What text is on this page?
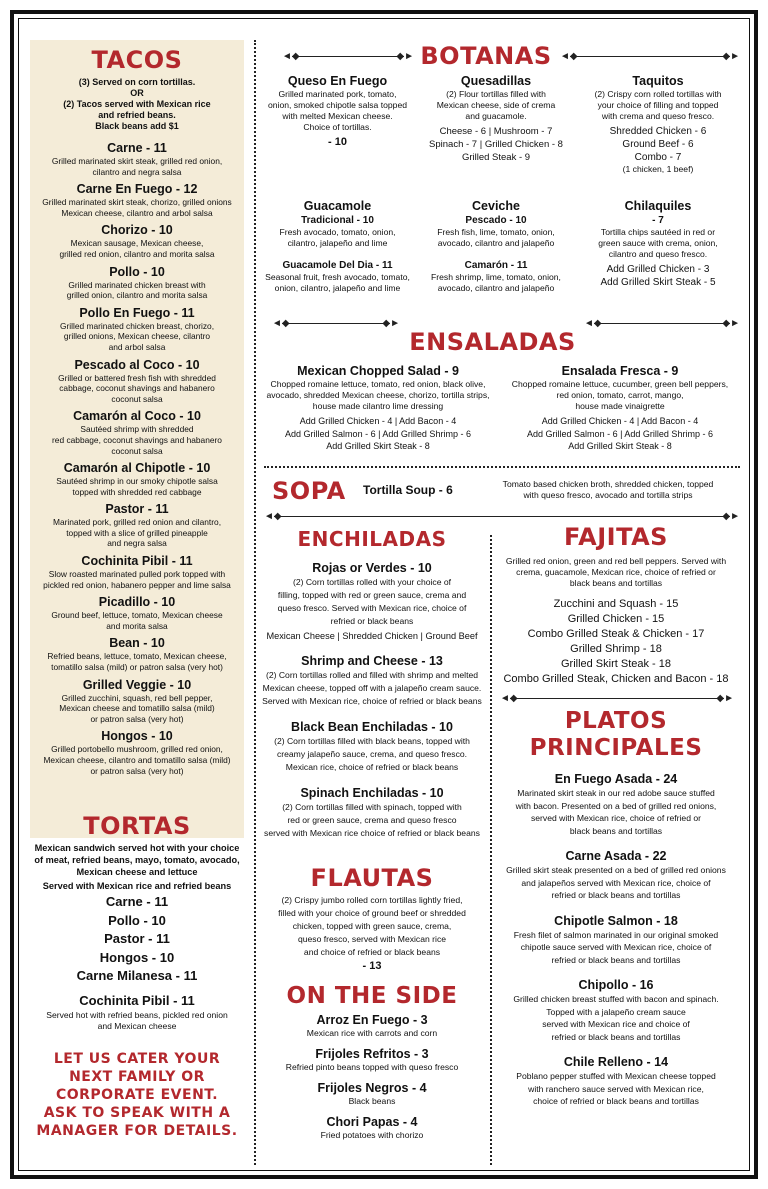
TACOS
(3) Served on corn tortillas.
OR
(2) Tacos served with Mexican rice
and refried beans.
Black beans add $1
Carne - 11
Grilled marinated skirt steak, grilled red onion,
cilantro and negra salsa
Carne En Fuego - 12
Grilled marinated skirt steak, chorizo, grilled onions
Mexican cheese, cilantro and arbol salsa
Chorizo - 10
Mexican sausage, Mexican cheese,
grilled red onion, cilantro and morita salsa
Pollo - 10
Grilled marinated chicken breast with
grilled onion, cilantro and morita salsa
Pollo En Fuego - 11
Grilled marinated chicken breast, chorizo,
grilled onions, Mexican cheese, cilantro
and arbol salsa
Pescado al Coco - 10
Grilled or battered fresh fish with shredded
cabbage, coconut shavings and habanero
coconut salsa
Camarón al Coco - 10
Sautéed shrimp with shredded
red cabbage, coconut shavings and habanero
coconut salsa
Camarón al Chipotle - 10
Sautéed shrimp in our smoky chipotle salsa
topped with shredded red cabbage
Pastor - 11
Marinated pork, grilled red onion and cilantro,
topped with a slice of grilled pineapple
and negra salsa
Cochinita Pibil - 11
Slow roasted marinated pulled pork topped with
pickled red onion, habanero pepper and lime salsa
Picadillo - 10
Ground beef, lettuce, tomato, Mexican cheese
and morita salsa
Bean - 10
Refried beans, lettuce, tomato, Mexican cheese,
tomatillo salsa (mild) or patron salsa (very hot)
Grilled Veggie - 10
Grilled zucchini, squash, red bell pepper,
Mexican cheese and tomatillo salsa (mild)
or patron salsa (very hot)
Hongos - 10
Grilled portobello mushroom, grilled red onion,
Mexican cheese, cilantro and tomatillo salsa (mild)
or patron salsa (very hot)
TORTAS
Mexican sandwich served hot with your choice
of meat, refried beans, mayo, tomato, avocado,
Mexican cheese and lettuce
Served with Mexican rice and refried beans
Carne - 11
Pollo - 10
Pastor - 11
Hongos - 10
Carne Milanesa - 11
Cochinita Pibil - 11
Served hot with refried beans, pickled red onion
and Mexican cheese
LET US CATER YOUR
NEXT FAMILY OR
CORPORATE EVENT.
ASK TO SPEAK WITH A
MANAGER FOR DETAILS.
◄◆	◆► BOTANAS ◄◆	◆►
Queso En Fuego
Grilled marinated pork, tomato,
onion, smoked chipotle salsa topped
with melted Mexican cheese.
Choice of tortillas.
- 10
Quesadillas
(2) Flour tortillas filled with
Mexican cheese, side of crema
and guacamole.
Cheese - 6 | Mushroom - 7
Spinach - 7 | Grilled Chicken - 8
Grilled Steak - 9
Taquitos
(2) Crispy corn rolled tortillas with
your choice of filling and topped
with crema and queso fresco.
Shredded Chicken - 6
Ground Beef - 6
Combo - 7
(1 chicken, 1 beef)
Guacamole
Tradicional - 10
Fresh avocado, tomato, onion,
cilantro, jalapeño and lime
Guacamole Del Dia - 11
Seasonal fruit, fresh avocado, tomato,
onion, cilantro, jalapeño and lime
Ceviche
Pescado - 10
Fresh fish, lime, tomato, onion,
avocado, cilantro and jalapeño
Camarón - 11
Fresh shrimp, lime, tomato, onion,
avocado, cilantro and jalapeño
Chilaquiles
- 7
Tortilla chips sautéed in red or
green sauce with crema, onion,
cilantro and queso fresco.
Add Grilled Chicken - 3
Add Grilled Skirt Steak - 5
◄◆	◆►
ENSALADAS
◄◆	◆►
Mexican Chopped Salad - 9
Chopped romaine lettuce, tomato, red onion, black olive,
avocado, shredded Mexican cheese, chorizo, tortilla strips,
house made cilantro lime dressing
Add Grilled Chicken - 4 | Add Bacon - 4
Add Grilled Salmon - 6 | Add Grilled Shrimp - 6
Add Grilled Skirt Steak - 8
Ensalada Fresca - 9
Chopped romaine lettuce, cucumber, green bell peppers,
red onion, tomato, carrot, mango,
house made vinaigrette
Add Grilled Chicken - 4 | Add Bacon - 4
Add Grilled Salmon - 6 | Add Grilled Shrimp - 6
Add Grilled Skirt Steak - 8
SOPA	Tortilla Soup - 6	Tomato based chicken broth, shredded chicken, topped
with queso fresco, avocado and tortilla strips
◄◆	◆►
ENCHILADAS
Rojas or Verdes - 10
(2) Corn tortillas rolled with your choice of
filling, topped with red or green sauce, crema and
queso fresco. Served with Mexican rice, choice of
refried or black beans
Mexican Cheese | Shredded Chicken | Ground Beef
Shrimp and Cheese - 13
(2) Corn tortillas rolled and filled with shrimp and melted
Mexican cheese, topped off with a jalapeño cream sauce.
Served with Mexican rice, choice of refried or black beans
Black Bean Enchiladas - 10
(2) Corn tortillas filled with black beans, topped with
creamy jalapeño sauce, crema, and queso fresco.
Mexican rice, choice of refried or black beans
Spinach Enchiladas - 10
(2) Corn tortillas filled with spinach, topped with
red or green sauce, crema and queso fresco
served with Mexican rice choice of refried or black beans
FLAUTAS
(2) Crispy jumbo rolled corn tortillas lightly fried,
filled with your choice of ground beef or shredded
chicken, topped with green sauce, crema,
queso fresco, served with Mexican rice
and choice of refried or black beans
- 13
ON THE SIDE
Arroz En Fuego - 3
Mexican rice with carrots and corn
Frijoles Refritos - 3
Refried pinto beans topped with queso fresco
Frijoles Negros - 4
Black beans
Chori Papas - 4
Fried potatoes with chorizo
FAJITAS
Grilled red onion, green and red bell peppers. Served with
crema, guacamole, Mexican rice, choice of refried or
black beans and tortillas
Zucchini and Squash - 15
Grilled Chicken - 15
Combo Grilled Steak & Chicken - 17
Grilled Shrimp - 18
Grilled Skirt Steak - 18
Combo Grilled Steak, Chicken and Bacon - 18
◄◆	◆►
PLATOS
PRINCIPALES
En Fuego Asada - 24
Marinated skirt steak in our red adobe sauce stuffed
with bacon. Presented on a bed of grilled red onions,
served with Mexican rice, choice of refried or
black beans and tortillas
Carne Asada - 22
Grilled skirt steak presented on a bed of grilled red onions
and jalapeños served with Mexican rice, choice of
refried or black beans and tortillas
Chipotle Salmon - 18
Fresh filet of salmon marinated in our original smoked
chipotle sauce served with Mexican rice, choice of
refried or black beans and tortillas
Chipollo - 16
Grilled chicken breast stuffed with bacon and spinach.
Topped with a jalapeño cream sauce
served with Mexican rice and choice of
refried or black beans and tortillas
Chile Relleno - 14
Poblano pepper stuffed with Mexican cheese topped
with ranchero sauce served with Mexican rice,
choice of refried or black beans and tortillas
